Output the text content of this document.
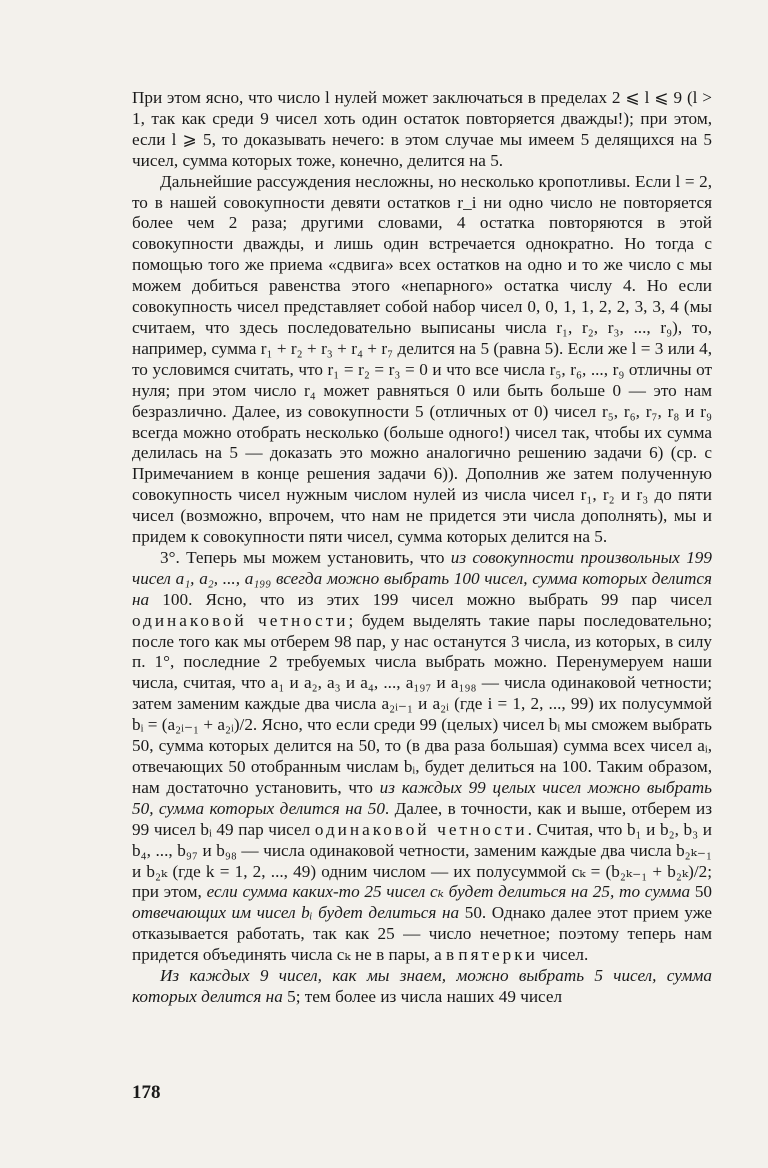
При этом ясно, что число l нулей может заключаться в пределах 2 ⩽ l ⩽ 9 (l > 1, так как среди 9 чисел хоть один остаток повторяется дважды!); при этом, если l ⩾ 5, то доказывать нечего: в этом случае мы имеем 5 делящихся на 5 чисел, сумма которых тоже, конечно, делится на 5.

Дальнейшие рассуждения несложны, но несколько кропотливы. Если l = 2, то в нашей совокупности девяти остатков r_i ни одно число не повторяется более чем 2 раза; другими словами, 4 остатка повторяются в этой совокупности дважды, и лишь один встречается однократно. Но тогда с помощью того же приема «сдвига» всех остатков на одно и то же число c мы можем добиться равенства этого «непарного» остатка числу 4. Но если совокупность чисел представляет собой набор чисел 0, 0, 1, 1, 2, 2, 3, 3, 4 (мы считаем, что здесь последовательно выписаны числа r₁, r₂, r₃, ..., r₉), то, например, сумма r₁ + r₂ + r₃ + r₄ + r₇ делится на 5 (равна 5). Если же l = 3 или 4, то условимся считать, что r₁ = r₂ = r₃ = 0 и что все числа r₅, r₆, ..., r₉ отличны от нуля; при этом число r₄ может равняться 0 или быть больше 0 — это нам безразлично. Далее, из совокупности 5 (отличных от 0) чисел r₅, r₆, r₇, r₈ и r₉ всегда можно отобрать несколько (больше одного!) чисел так, чтобы их сумма делилась на 5 — доказать это можно аналогично решению задачи 6) (ср. с Примечанием в конце решения задачи 6)). Дополнив же затем полученную совокупность чисел нужным числом нулей из числа чисел r₁, r₂ и r₃ до пяти чисел (возможно, впрочем, что нам не придется эти числа дополнять), мы и придем к совокупности пяти чисел, сумма которых делится на 5.

3°. Теперь мы можем установить, что из совокупности произвольных 199 чисел a₁, a₂, ..., a₁₉₉ всегда можно выбрать 100 чисел, сумма которых делится на 100. Ясно, что из этих 199 чисел можно выбрать 99 пар чисел одинаковой четности; будем выделять такие пары последовательно; после того как мы отберем 98 пар, у нас останутся 3 числа, из которых, в силу п. 1°, последние 2 требуемых числа выбрать можно. Перенумеруем наши числа, считая, что a₁ и a₂, a₃ и a₄, ..., a₁₉₇ и a₁₉₈ — числа одинаковой четности; затем заменим каждые два числа a₂ᵢ₋₁ и a₂ᵢ (где i = 1, 2, ..., 99) их полусуммой bᵢ = (a₂ᵢ₋₁ + a₂ᵢ)/2. Ясно, что если среди 99 (целых) чисел bᵢ мы сможем выбрать 50, сумма которых делится на 50, то (в два раза большая) сумма всех чисел aᵢ, отвечающих 50 отобранным числам bᵢ, будет делиться на 100. Таким образом, нам достаточно установить, что из каждых 99 целых чисел можно выбрать 50, сумма которых делится на 50. Далее, в точности, как и выше, отберем из 99 чисел bᵢ 49 пар чисел одинаковой четности. Считая, что b₁ и b₂, b₃ и b₄, ..., b₉₇ и b₉₈ — числа одинаковой четности, заменим каждые два числа b₂ₖ₋₁ и b₂ₖ (где k = 1, 2, ..., 49) одним числом — их полусуммой cₖ = (b₂ₖ₋₁ + b₂ₖ)/2; при этом, если сумма каких-то 25 чисел cₖ будет делиться на 25, то сумма 50 отвечающих им чисел bᵢ будет делиться на 50. Однако далее этот прием уже отказывается работать, так как 25 — число нечетное; поэтому теперь нам придется объединять числа cₖ не в пары, а в пятерки чисел.

Из каждых 9 чисел, как мы знаем, можно выбрать 5 чисел, сумма которых делится на 5; тем более из числа наших 49 чисел

178
